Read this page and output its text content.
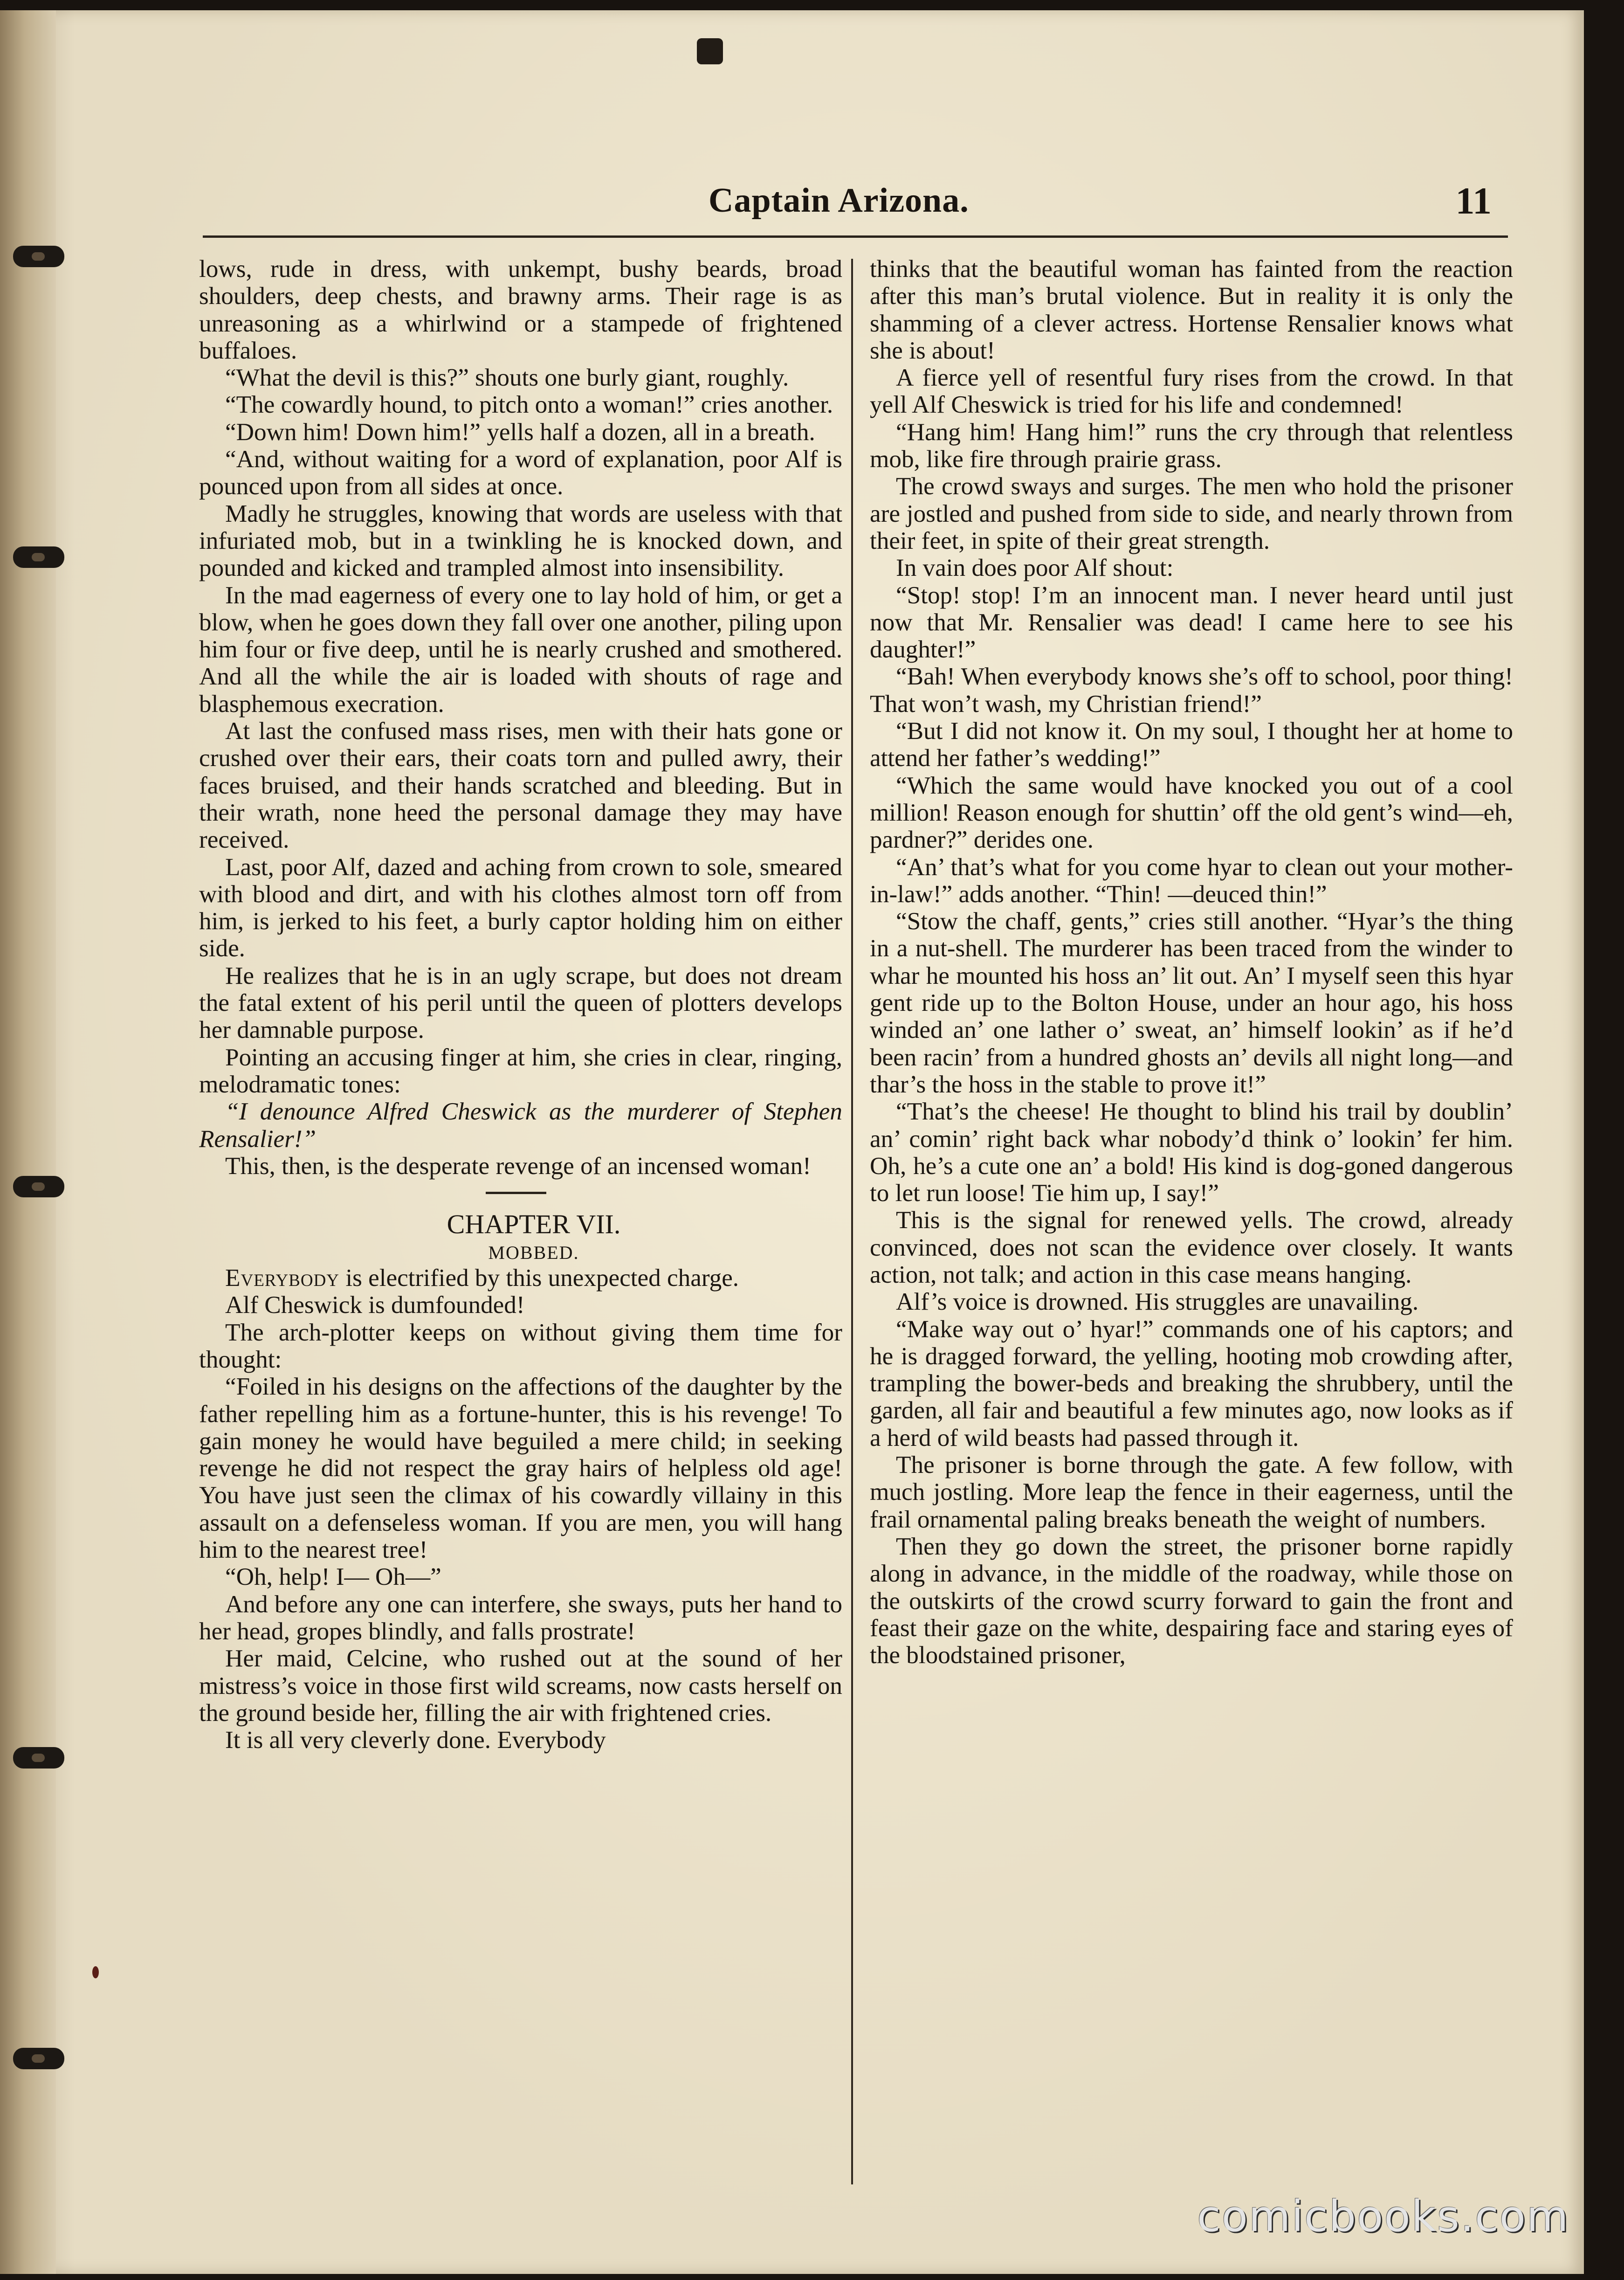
Captain Arizona.	11

lows, rude in dress, with unkempt, bushy beards, broad shoulders, deep chests, and brawny arms. Their rage is as unreasoning as a whirlwind or a stampede of frightened buffaloes.

“What the devil is this?” shouts one burly giant, roughly.

“The cowardly hound, to pitch onto a woman!” cries another.

“Down him! Down him!” yells half a dozen, all in a breath.

“And, without waiting for a word of explanation, poor Alf is pounced upon from all sides at once.

Madly he struggles, knowing that words are useless with that infuriated mob, but in a twinkling he is knocked down, and pounded and kicked and trampled almost into insensibility.

In the mad eagerness of every one to lay hold of him, or get a blow, when he goes down they fall over one another, piling upon him four or five deep, until he is nearly crushed and smothered. And all the while the air is loaded with shouts of rage and blasphemous execration.

At last the confused mass rises, men with their hats gone or crushed over their ears, their coats torn and pulled awry, their faces bruised, and their hands scratched and bleeding. But in their wrath, none heed the personal damage they may have received.

Last, poor Alf, dazed and aching from crown to sole, smeared with blood and dirt, and with his clothes almost torn off from him, is jerked to his feet, a burly captor holding him on either side.

He realizes that he is in an ugly scrape, but does not dream the fatal extent of his peril until the queen of plotters develops her damnable purpose.

Pointing an accusing finger at him, she cries in clear, ringing, melodramatic tones:

“I denounce Alfred Cheswick as the murderer of Stephen Rensalier!”

This, then, is the desperate revenge of an incensed woman!

CHAPTER VII.

MOBBED.

Everybody is electrified by this unexpected charge.

Alf Cheswick is dumfounded!

The arch-plotter keeps on without giving them time for thought:

“Foiled in his designs on the affections of the daughter by the father repelling him as a fortune-hunter, this is his revenge! To gain money he would have beguiled a mere child; in seeking revenge he did not respect the gray hairs of helpless old age! You have just seen the climax of his cowardly villainy in this assault on a defenseless woman. If you are men, you will hang him to the nearest tree!

“Oh, help! I— Oh—”

And before any one can interfere, she sways, puts her hand to her head, gropes blindly, and falls prostrate!

Her maid, Celcine, who rushed out at the sound of her mistress’s voice in those first wild screams, now casts herself on the ground beside her, filling the air with frightened cries.

It is all very cleverly done. Everybody

thinks that the beautiful woman has fainted from the reaction after this man’s brutal violence. But in reality it is only the shamming of a clever actress. Hortense Rensalier knows what she is about!

A fierce yell of resentful fury rises from the crowd. In that yell Alf Cheswick is tried for his life and condemned!

“Hang him! Hang him!” runs the cry through that relentless mob, like fire through prairie grass.

The crowd sways and surges. The men who hold the prisoner are jostled and pushed from side to side, and nearly thrown from their feet, in spite of their great strength.

In vain does poor Alf shout:

“Stop! stop! I’m an innocent man. I never heard until just now that Mr. Rensalier was dead! I came here to see his daughter!”

“Bah! When everybody knows she’s off to school, poor thing! That won’t wash, my Christian friend!”

“But I did not know it. On my soul, I thought her at home to attend her father’s wedding!”

“Which the same would have knocked you out of a cool million! Reason enough for shuttin’ off the old gent’s wind—eh, pardner?” derides one.

“An’ that’s what for you come hyar to clean out your mother-in-law!” adds another. “Thin! —deuced thin!”

“Stow the chaff, gents,” cries still another. “Hyar’s the thing in a nut-shell. The murderer has been traced from the winder to whar he mounted his hoss an’ lit out. An’ I myself seen this hyar gent ride up to the Bolton House, under an hour ago, his hoss winded an’ one lather o’ sweat, an’ himself lookin’ as if he’d been racin’ from a hundred ghosts an’ devils all night long—and thar’s the hoss in the stable to prove it!”

“That’s the cheese! He thought to blind his trail by doublin’ an’ comin’ right back whar nobody’d think o’ lookin’ fer him. Oh, he’s a cute one an’ a bold! His kind is dog-goned dangerous to let run loose! Tie him up, I say!”

This is the signal for renewed yells. The crowd, already convinced, does not scan the evidence over closely. It wants action, not talk; and action in this case means hanging.

Alf’s voice is drowned. His struggles are unavailing.

“Make way out o’ hyar!” commands one of his captors; and he is dragged forward, the yelling, hooting mob crowding after, trampling the bower-beds and breaking the shrubbery, until the garden, all fair and beautiful a few minutes ago, now looks as if a herd of wild beasts had passed through it.

The prisoner is borne through the gate. A few follow, with much jostling. More leap the fence in their eagerness, until the frail ornamental paling breaks beneath the weight of numbers.

Then they go down the street, the prisoner borne rapidly along in advance, in the middle of the roadway, while those on the outskirts of the crowd scurry forward to gain the front and feast their gaze on the white, despairing face and staring eyes of the bloodstained prisoner,

comicbooks.com
